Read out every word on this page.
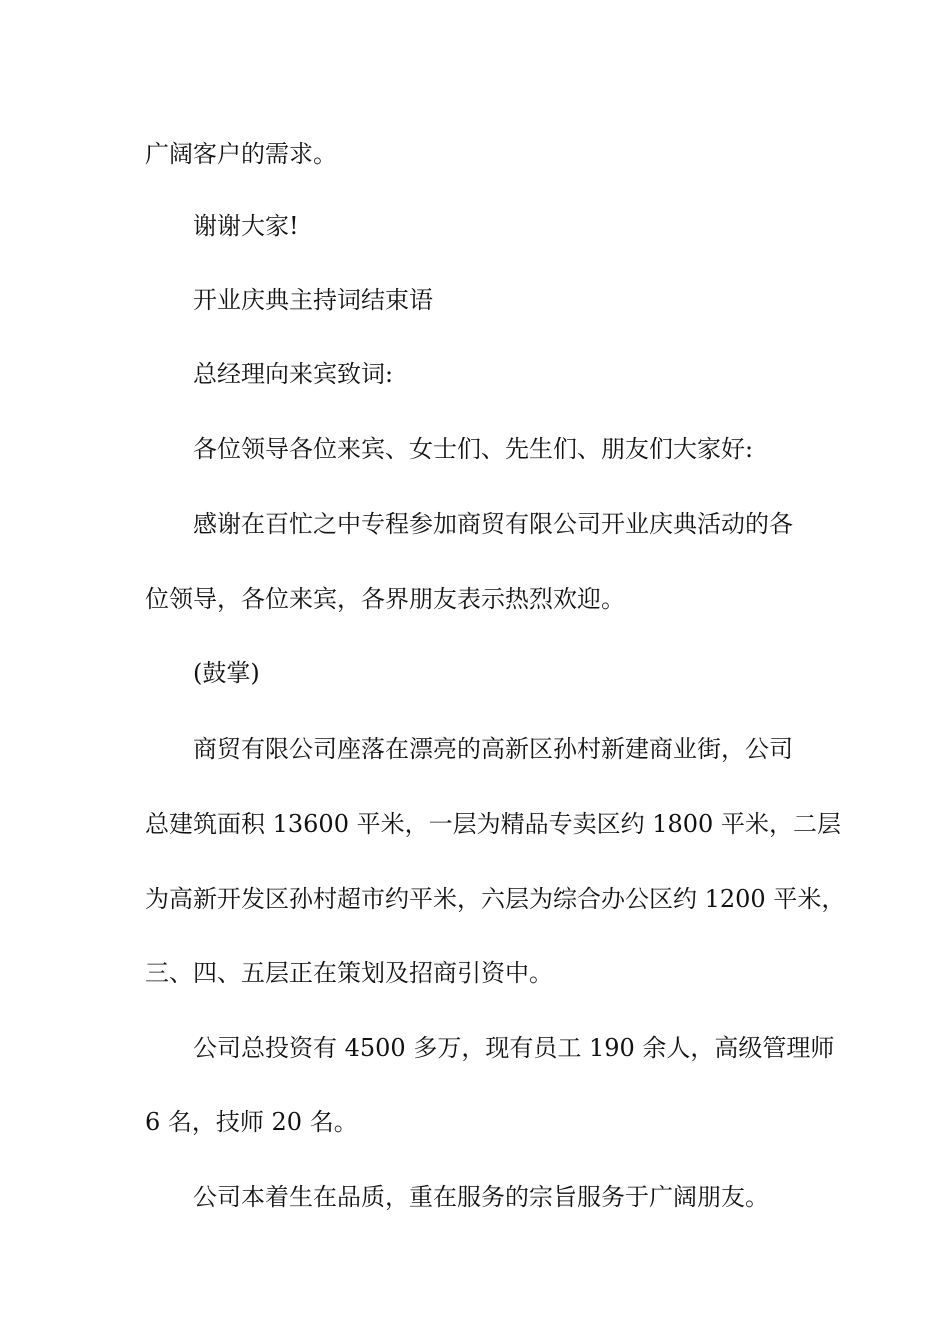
广阔客户的需求。

谢谢大家!

开业庆典主持词结束语

总经理向来宾致词:

各位领导各位来宾、女士们、先生们、朋友们大家好:

感谢在百忙之中专程参加商贸有限公司开业庆典活动的各

位领导，各位来宾，各界朋友表示热烈欢迎。

(鼓掌)

商贸有限公司座落在漂亮的高新区孙村新建商业街，公司

总建筑面积 13600 平米，一层为精品专卖区约 1800 平米，二层

为高新开发区孙村超市约平米，六层为综合办公区约 1200 平米，

三、四、五层正在策划及招商引资中。

公司总投资有 4500 多万，现有员工 190 余人，高级管理师

6 名，技师 20 名。

公司本着生在品质，重在服务的宗旨服务于广阔朋友。
